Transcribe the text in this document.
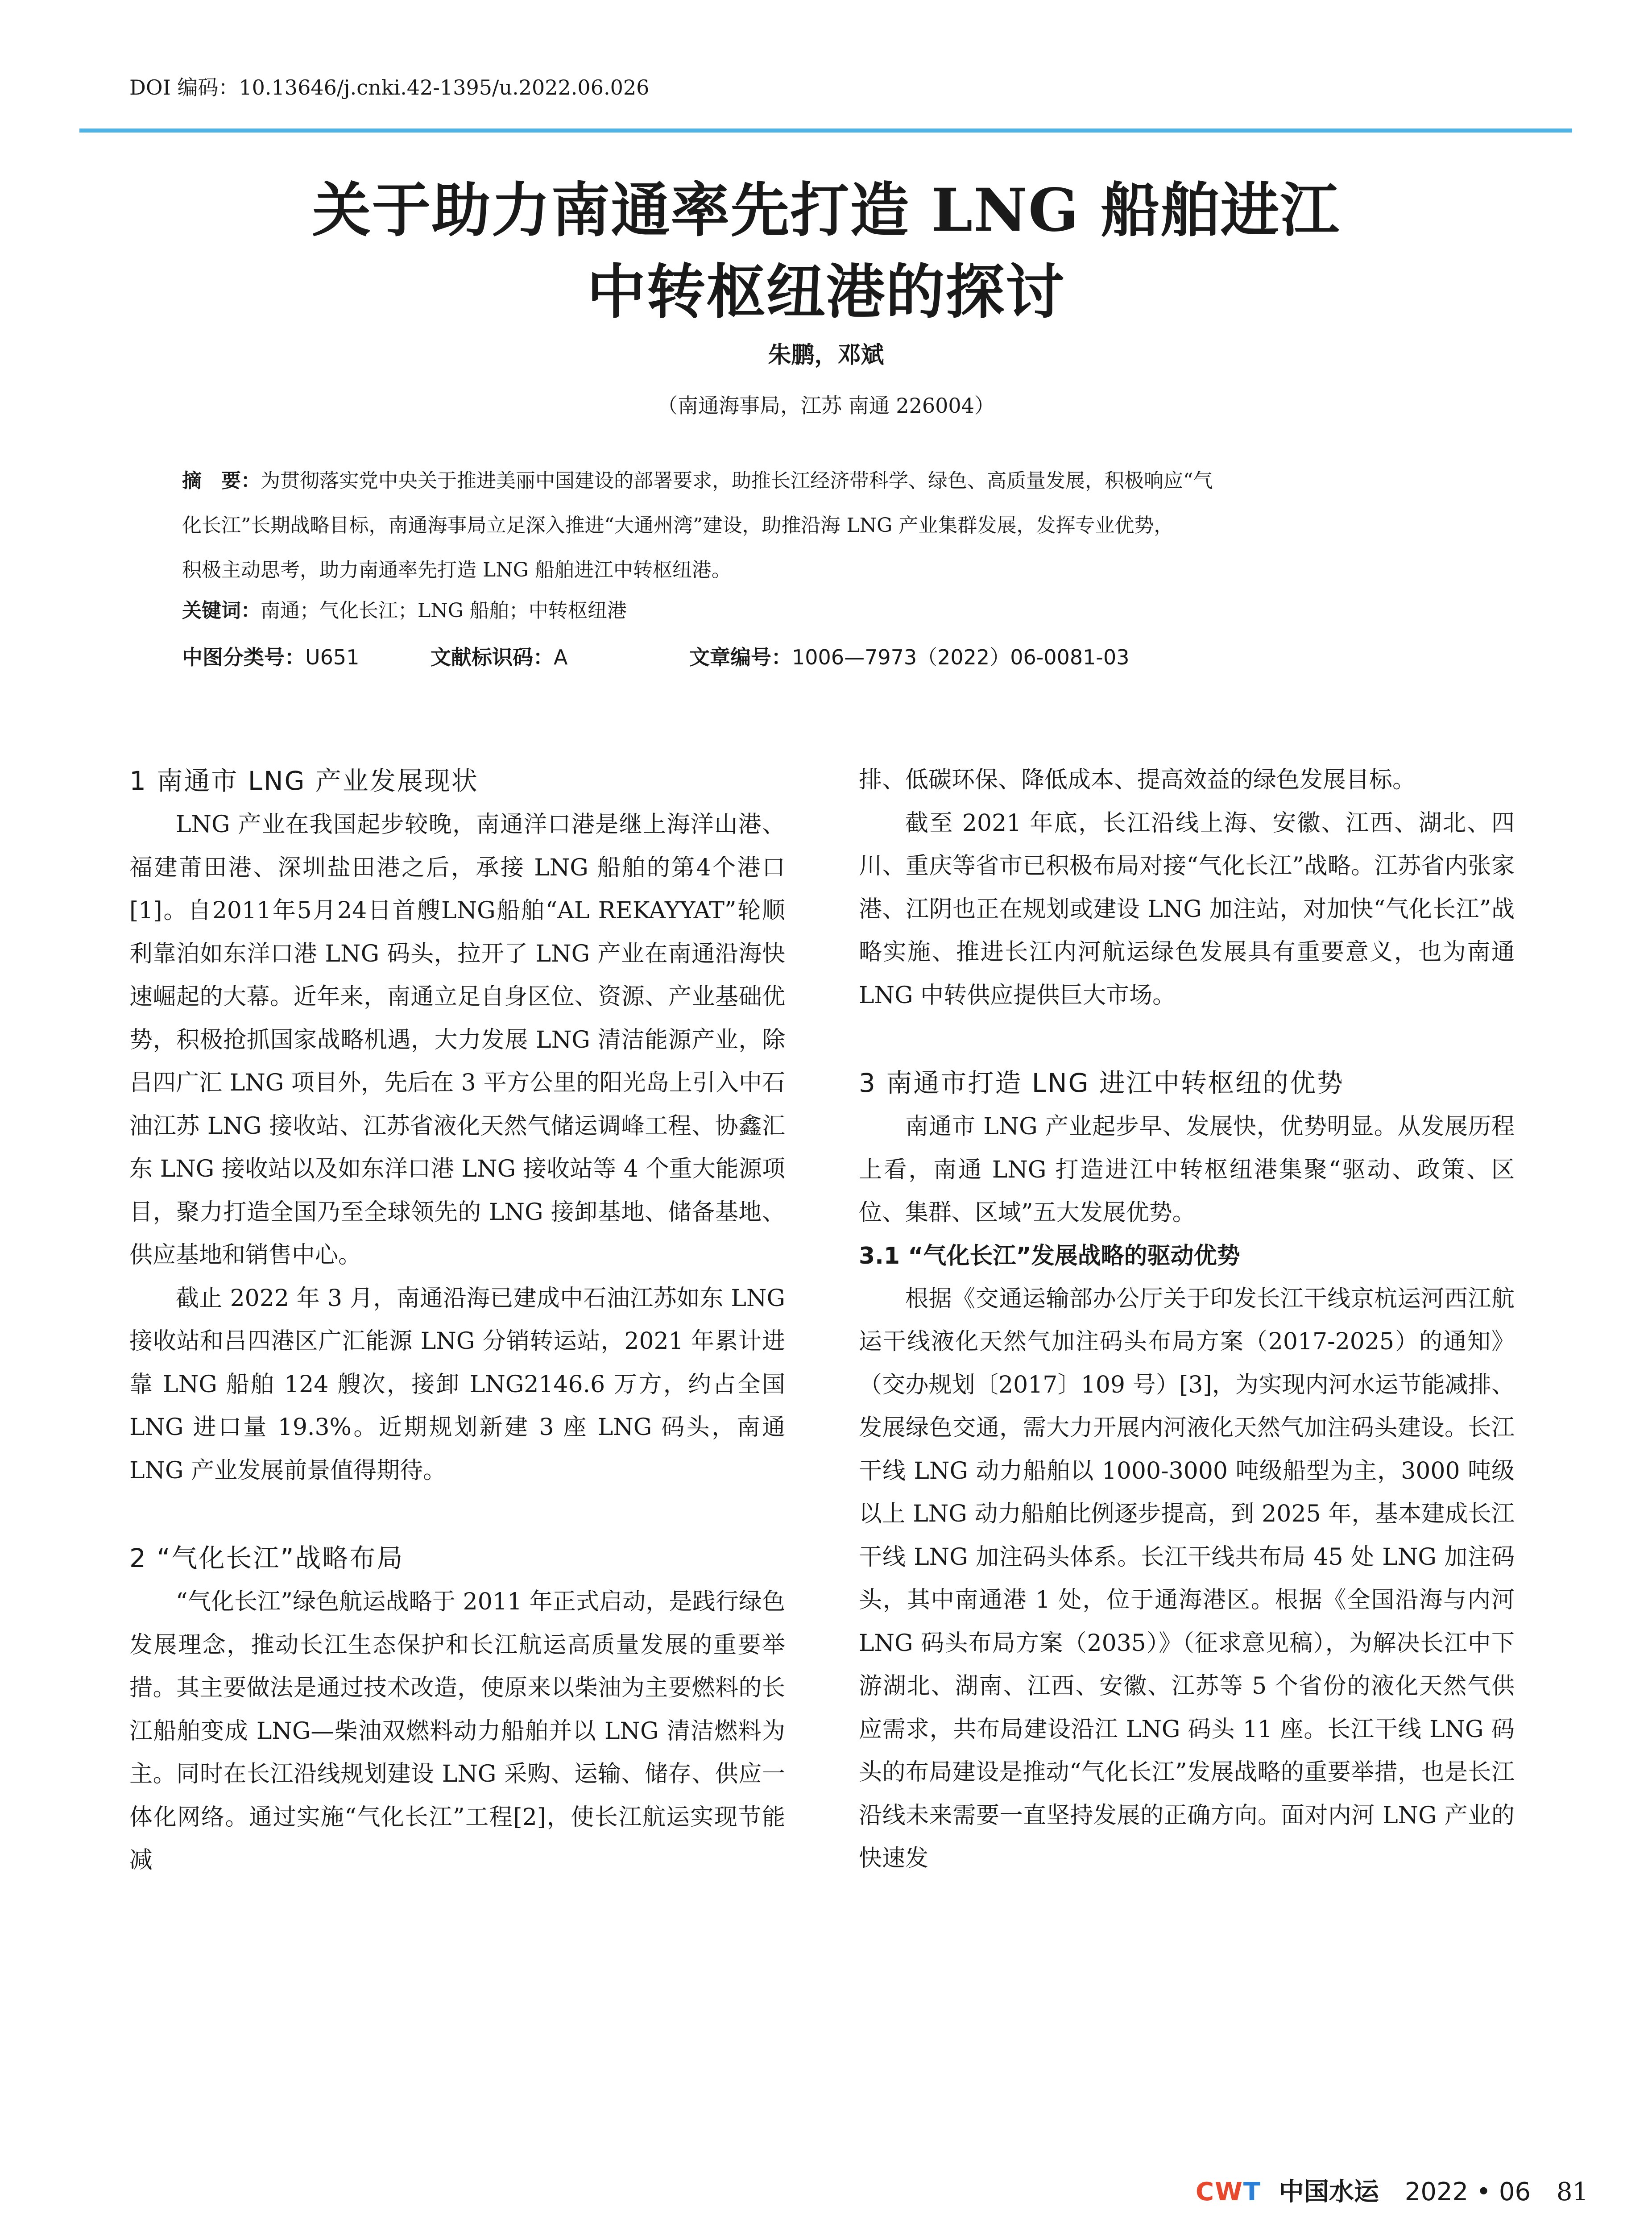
DOI 编码：10.13646/j.cnki.42-1395/u.2022.06.026
关于助力南通率先打造 LNG 船舶进江
中转枢纽港的探讨
朱鹏，邓斌
（南通海事局，江苏 南通 226004）
摘　要：为贯彻落实党中央关于推进美丽中国建设的部署要求，助推长江经济带科学、绿色、高质量发展，积极响应“气
化长江”长期战略目标，南通海事局立足深入推进“大通州湾”建设，助推沿海 LNG 产业集群发展，发挥专业优势，
积极主动思考，助力南通率先打造 LNG 船舶进江中转枢纽港。
关键词：南通；气化长江；LNG 船舶；中转枢纽港
中图分类号：U651	文献标识码：A	文章编号：1006—7973（2022）06-0081-03
1 南通市 LNG 产业发展现状

LNG 产业在我国起步较晚，南通洋口港是继上海洋山港、福建莆田港、深圳盐田港之后，承接 LNG 船舶的第4个港口[1]。自2011年5月24日首艘LNG船舶“AL REKAYYAT”轮顺利靠泊如东洋口港 LNG 码头，拉开了 LNG 产业在南通沿海快速崛起的大幕。近年来，南通立足自身区位、资源、产业基础优势，积极抢抓国家战略机遇，大力发展 LNG 清洁能源产业，除吕四广汇 LNG 项目外，先后在 3 平方公里的阳光岛上引入中石油江苏 LNG 接收站、江苏省液化天然气储运调峰工程、协鑫汇东 LNG 接收站以及如东洋口港 LNG 接收站等 4 个重大能源项目，聚力打造全国乃至全球领先的 LNG 接卸基地、储备基地、供应基地和销售中心。

截止 2022 年 3 月，南通沿海已建成中石油江苏如东 LNG 接收站和吕四港区广汇能源 LNG 分销转运站，2021 年累计进靠 LNG 船舶 124 艘次，接卸 LNG2146.6 万方，约占全国 LNG 进口量 19.3%。近期规划新建 3 座 LNG 码头，南通 LNG 产业发展前景值得期待。

2 “气化长江”战略布局

“气化长江”绿色航运战略于 2011 年正式启动，是践行绿色发展理念，推动长江生态保护和长江航运高质量发展的重要举措。其主要做法是通过技术改造，使原来以柴油为主要燃料的长江船舶变成 LNG—柴油双燃料动力船舶并以 LNG 清洁燃料为主。同时在长江沿线规划建设 LNG 采购、运输、储存、供应一体化网络。通过实施“气化长江”工程[2]，使长江航运实现节能减

排、低碳环保、降低成本、提高效益的绿色发展目标。

截至 2021 年底，长江沿线上海、安徽、江西、湖北、四川、重庆等省市已积极布局对接“气化长江”战略。江苏省内张家港、江阴也正在规划或建设 LNG 加注站，对加快“气化长江”战略实施、推进长江内河航运绿色发展具有重要意义，也为南通 LNG 中转供应提供巨大市场。

3 南通市打造 LNG 进江中转枢纽的优势

南通市 LNG 产业起步早、发展快，优势明显。从发展历程上看，南通 LNG 打造进江中转枢纽港集聚“驱动、政策、区位、集群、区域”五大发展优势。

3.1 “气化长江”发展战略的驱动优势

根据《交通运输部办公厅关于印发长江干线京杭运河西江航运干线液化天然气加注码头布局方案（2017-2025）的通知》（交办规划〔2017〕109 号）[3]，为实现内河水运节能减排、发展绿色交通，需大力开展内河液化天然气加注码头建设。长江干线 LNG 动力船舶以 1000-3000 吨级船型为主，3000 吨级以上 LNG 动力船舶比例逐步提高，到 2025 年，基本建成长江干线 LNG 加注码头体系。长江干线共布局 45 处 LNG 加注码头，其中南通港 1 处，位于通海港区。根据《全国沿海与内河 LNG 码头布局方案（2035）》（征求意见稿），为解决长江中下游湖北、湖南、江西、安徽、江苏等 5 个省份的液化天然气供应需求，共布局建设沿江 LNG 码头 11 座。长江干线 LNG 码头的布局建设是推动“气化长江”发展战略的重要举措，也是长江沿线未来需要一直坚持发展的正确方向。面对内河 LNG 产业的快速发

CWT 中国水运 2022 • 06 81
